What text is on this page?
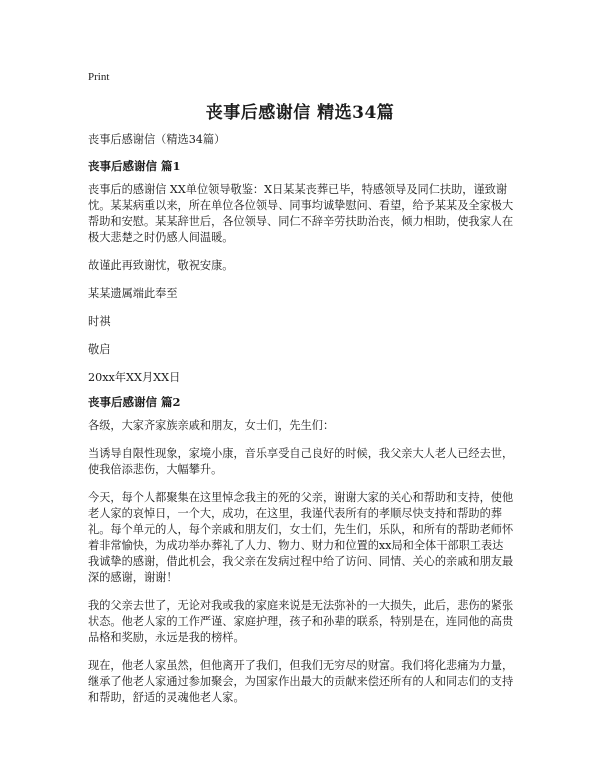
Print
丧事后感谢信 精选34篇

丧事后感谢信（精选34篇）

丧事后感谢信 篇1

丧事后的感谢信 XX单位领导敬鉴：X日某某丧葬已毕，特感领导及同仁扶助，谨致谢忱。某某病重以来，所在单位各位领导、同事均诚挚慰问、看望，给予某某及全家极大帮助和安慰。某某辞世后，各位领导、同仁不辞辛劳扶助治丧，倾力相助，使我家人在极大悲楚之时仍感人间温暖。

故谨此再致谢忱，敬祝安康。

某某遗属端此奉至

时祺

敬启

20xx年XX月XX日

丧事后感谢信 篇2

各级，大家齐家族亲戚和朋友，女士们，先生们：

当诱导自限性现象，家境小康，音乐享受自己良好的时候，我父亲大人老人已经去世，使我倍添悲伤，大幅攀升。

今天，每个人都聚集在这里悼念我主的死的父亲，谢谢大家的关心和帮助和支持，使他老人家的哀悼日，一个大，成功，在这里，我谨代表所有的孝顺尽快支持和帮助的葬礼。每个单元的人，每个亲戚和朋友们，女士们，先生们，乐队，和所有的帮助老师怀着非常愉快，为成功举办葬礼了人力、物力、财力和位置的xx局和全体干部职工表达我诚挚的感谢，借此机会，我父亲在发病过程中给了访问、同情、关心的亲戚和朋友最深的感谢，谢谢！

我的父亲去世了，无论对我或我的家庭来说是无法弥补的一大损失，此后，悲伤的紧张状态。他老人家的工作严谨、家庭护理，孩子和孙辈的联系，特别是在，连同他的高贵品格和奖励，永远是我的榜样。

现在，他老人家虽然，但他离开了我们，但我们无穷尽的财富。我们将化悲痛为力量，继承了他老人家通过参加聚会，为国家作出最大的贡献来偿还所有的人和同志们的支持和帮助，舒适的灵魂他老人家。
